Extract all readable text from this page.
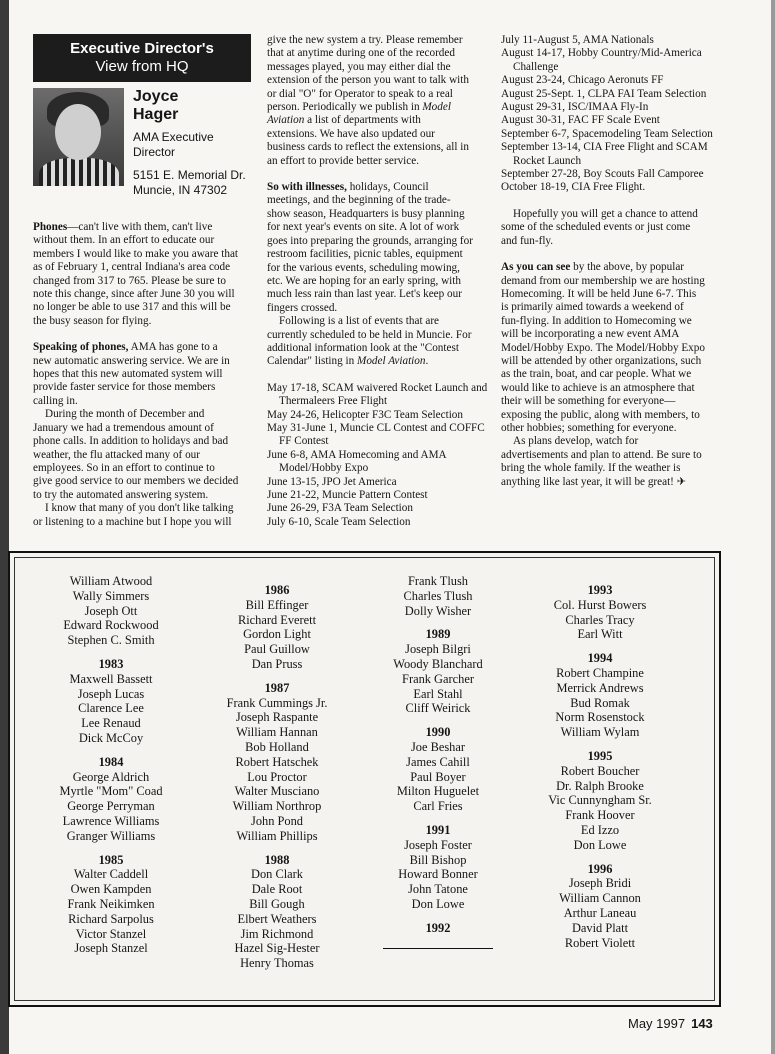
Executive Director's
View from HQ
Joyce
Hager
AMA Executive
Director
5151 E. Memorial Dr.
Muncie, IN 47302

Phones—can't live with them, can't live
without them. In an effort to educate our
members I would like to make you aware that
as of February 1, central Indiana's area code
changed from 317 to 765. Please be sure to
note this change, since after June 30 you will
no longer be able to use 317 and this will be
the busy season for flying.

Speaking of phones, AMA has gone to a
new automatic answering service. We are in
hopes that this new automated system will
provide faster service for those members
calling in.

During the month of December and
January we had a tremendous amount of
phone calls. In addition to holidays and bad
weather, the flu attacked many of our
employees. So in an effort to continue to
give good service to our members we decided
to try the automated answering system.

I know that many of you don't like talking
or listening to a machine but I hope you will

give the new system a try. Please remember
that at anytime during one of the recorded
messages played, you may either dial the
extension of the person you want to talk with
or dial "O" for Operator to speak to a real
person. Periodically we publish in Model
Aviation a list of departments with
extensions. We have also updated our
business cards to reflect the extensions, all in
an effort to provide better service.

So with illnesses, holidays, Council
meetings, and the beginning of the trade-
show season, Headquarters is busy planning
for next year's events on site. A lot of work
goes into preparing the grounds, arranging for
restroom facilities, picnic tables, equipment
for the various events, scheduling mowing,
etc. We are hoping for an early spring, with
much less rain than last year. Let's keep our
fingers crossed.

Following is a list of events that are
currently scheduled to be held in Muncie. For
additional information look at the "Contest
Calendar" listing in Model Aviation.

May 17-18, SCAM waivered Rocket Launch and Thermaleers Free Flight

May 24-26, Helicopter F3C Team Selection

May 31-June 1, Muncie CL Contest and COFFC FF Contest

June 6-8, AMA Homecoming and AMA Model/Hobby Expo

June 13-15, JPO Jet America

June 21-22, Muncie Pattern Contest

June 26-29, F3A Team Selection

July 6-10, Scale Team Selection

July 11-August 5, AMA Nationals

August 14-17, Hobby Country/Mid-America Challenge

August 23-24, Chicago Aeronuts FF

August 25-Sept. 1, CLPA FAI Team Selection

August 29-31, ISC/IMAA Fly-In

August 30-31, FAC FF Scale Event

September 6-7, Spacemodeling Team Selection

September 13-14, CIA Free Flight and SCAM Rocket Launch

September 27-28, Boy Scouts Fall Camporee

October 18-19, CIA Free Flight.

Hopefully you will get a chance to attend
some of the scheduled events or just come
and fun-fly.

As you can see by the above, by popular
demand from our membership we are hosting
Homecoming. It will be held June 6-7. This
is primarily aimed towards a weekend of
fun-flying. In addition to Homecoming we
will be incorporating a new event AMA
Model/Hobby Expo. The Model/Hobby Expo
will be attended by other organizations, such
as the train, boat, and car people. What we
would like to achieve is an atmosphere that
their will be something for everyone—
exposing the public, along with members, to
other hobbies; something for everyone.

As plans develop, watch for
advertisements and plan to attend. Be sure to
bring the whole family. If the weather is
anything like last year, it will be great! ✈

William Atwood
Wally Simmers
Joseph Ott
Edward Rockwood
Stephen C. Smith
1983
Maxwell Bassett
Joseph Lucas
Clarence Lee
Lee Renaud
Dick McCoy
1984
George Aldrich
Myrtle "Mom" Coad
George Perryman
Lawrence Williams
Granger Williams
1985
Walter Caddell
Owen Kampden
Frank Neikimken
Richard Sarpolus
Victor Stanzel
Joseph Stanzel
1986
Bill Effinger
Richard Everett
Gordon Light
Paul Guillow
Dan Pruss
1987
Frank Cummings Jr.
Joseph Raspante
William Hannan
Bob Holland
Robert Hatschek
Lou Proctor
Walter Musciano
William Northrop
John Pond
William Phillips
1988
Don Clark
Dale Root
Bill Gough
Elbert Weathers
Jim Richmond
Hazel Sig-Hester
Henry Thomas
Frank Tlush
Charles Tlush
Dolly Wisher
1989
Joseph Bilgri
Woody Blanchard
Frank Garcher
Earl Stahl
Cliff Weirick
1990
Joe Beshar
James Cahill
Paul Boyer
Milton Huguelet
Carl Fries
1991
Joseph Foster
Bill Bishop
Howard Bonner
John Tatone
Don Lowe
1992
1993
Col. Hurst Bowers
Charles Tracy
Earl Witt
1994
Robert Champine
Merrick Andrews
Bud Romak
Norm Rosenstock
William Wylam
1995
Robert Boucher
Dr. Ralph Brooke
Vic Cunnyngham Sr.
Frank Hoover
Ed Izzo
Don Lowe
1996
Joseph Bridi
William Cannon
Arthur Laneau
David Platt
Robert Violett
May 1997 143
